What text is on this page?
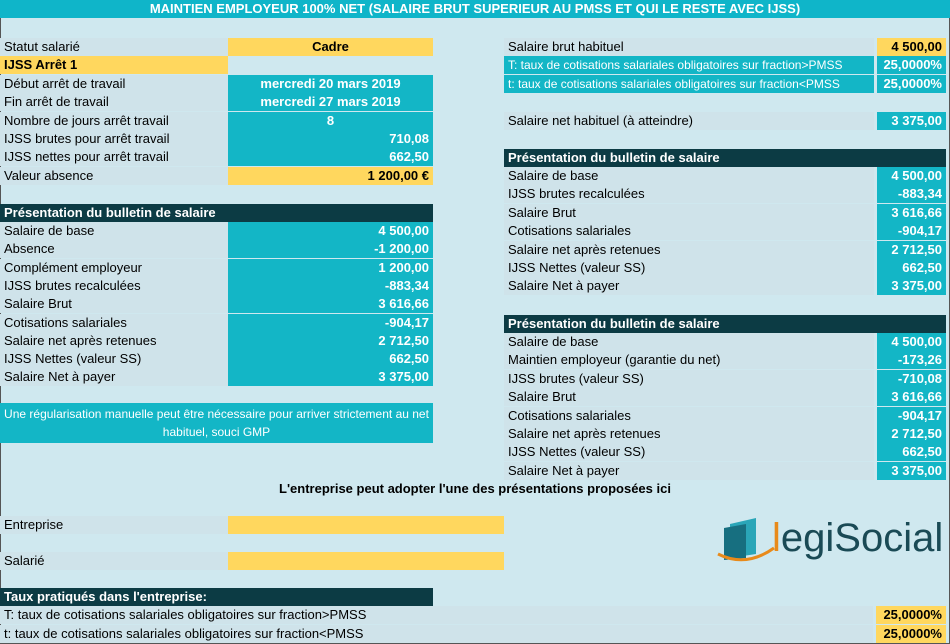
MAINTIEN EMPLOYEUR 100% NET (SALAIRE BRUT SUPERIEUR AU PMSS ET QUI LE RESTE AVEC IJSS)
Statut salarié	Cadre
IJSS Arrêt 1
Début arrêt de travail	mercredi 20 mars 2019
Fin arrêt de travail	mercredi 27 mars 2019
Nombre de jours arrêt travail	8
IJSS brutes pour arrêt travail	710,08
IJSS nettes pour arrêt travail	662,50
Valeur absence	1 200,00 €
Présentation du bulletin de salaire
Salaire de base	4 500,00
Absence	-1 200,00
Complément employeur	1 200,00
IJSS brutes recalculées	-883,34
Salaire Brut	3 616,66
Cotisations salariales	-904,17
Salaire net après retenues	2 712,50
IJSS Nettes (valeur SS)	662,50
Salaire Net à payer	3 375,00
Une régularisation manuelle peut être nécessaire pour arriver strictement au net habituel, souci GMP
Salaire brut habituel	4 500,00
T: taux de cotisations salariales obligatoires sur fraction>PMSS	25,0000%
t: taux de cotisations salariales obligatoires sur fraction<PMSS	25,0000%
Salaire net habituel (à atteindre)	3 375,00
Présentation du bulletin de salaire
Salaire de base	4 500,00
IJSS brutes recalculées	-883,34
Salaire Brut	3 616,66
Cotisations salariales	-904,17
Salaire net après retenues	2 712,50
IJSS Nettes (valeur SS)	662,50
Salaire Net à payer	3 375,00
Présentation du bulletin de salaire
Salaire de base	4 500,00
Maintien employeur (garantie du net)	-173,26
IJSS brutes (valeur SS)	-710,08
Salaire Brut	3 616,66
Cotisations salariales	-904,17
Salaire net après retenues	2 712,50
IJSS Nettes (valeur SS)	662,50
Salaire Net à payer	3 375,00
L'entreprise peut adopter l'une des présentations proposées ici
Entreprise
Salarié
legiSocial
Taux pratiqués dans l'entreprise:
T: taux de cotisations salariales obligatoires sur fraction>PMSS	25,0000%
t: taux de cotisations salariales obligatoires sur fraction<PMSS	25,0000%
